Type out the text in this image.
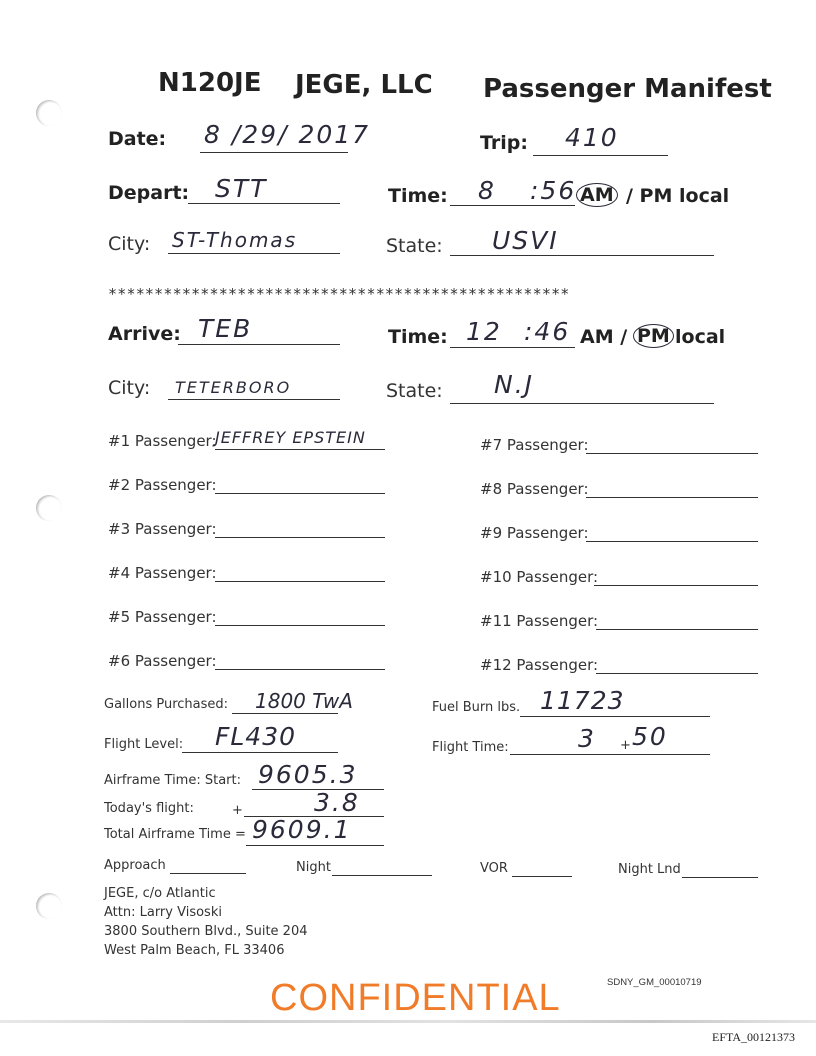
N120JE JEGE, LLC Passenger Manifest
Date: 8 /29/ 2017	Trip: 410
Depart: STT	Time: 8 :56 AM / PM local
City: ST-Thomas	State: USVI
**************************************************
Arrive: TEB	Time: 12 :46 AM / PM local
City: TETERBORO	State: N.J
#1 Passenger:
JEFFREY EPSTEIN
#2 Passenger:
#3 Passenger:
#4 Passenger:
#5 Passenger:
#6 Passenger:
#7 Passenger:
#8 Passenger:
#9 Passenger:
#10 Passenger:
#11 Passenger:
#12 Passenger:
Gallons Purchased: 1800 TwA	Fuel Burn lbs. 11723
Flight Level: FL430	Flight Time:	3 + 50
Airframe Time: Start: 9605.3
Today's flight:	+	3.8
Total Airframe Time = 9609.1
Approach	Night	VOR	Night Lnd
JEGE, c/o Atlantic
Attn: Larry Visoski
3800 Southern Blvd., Suite 204
West Palm Beach, FL 33406
CONFIDENTIAL	SDNY_GM_00010719
EFTA_00121373
